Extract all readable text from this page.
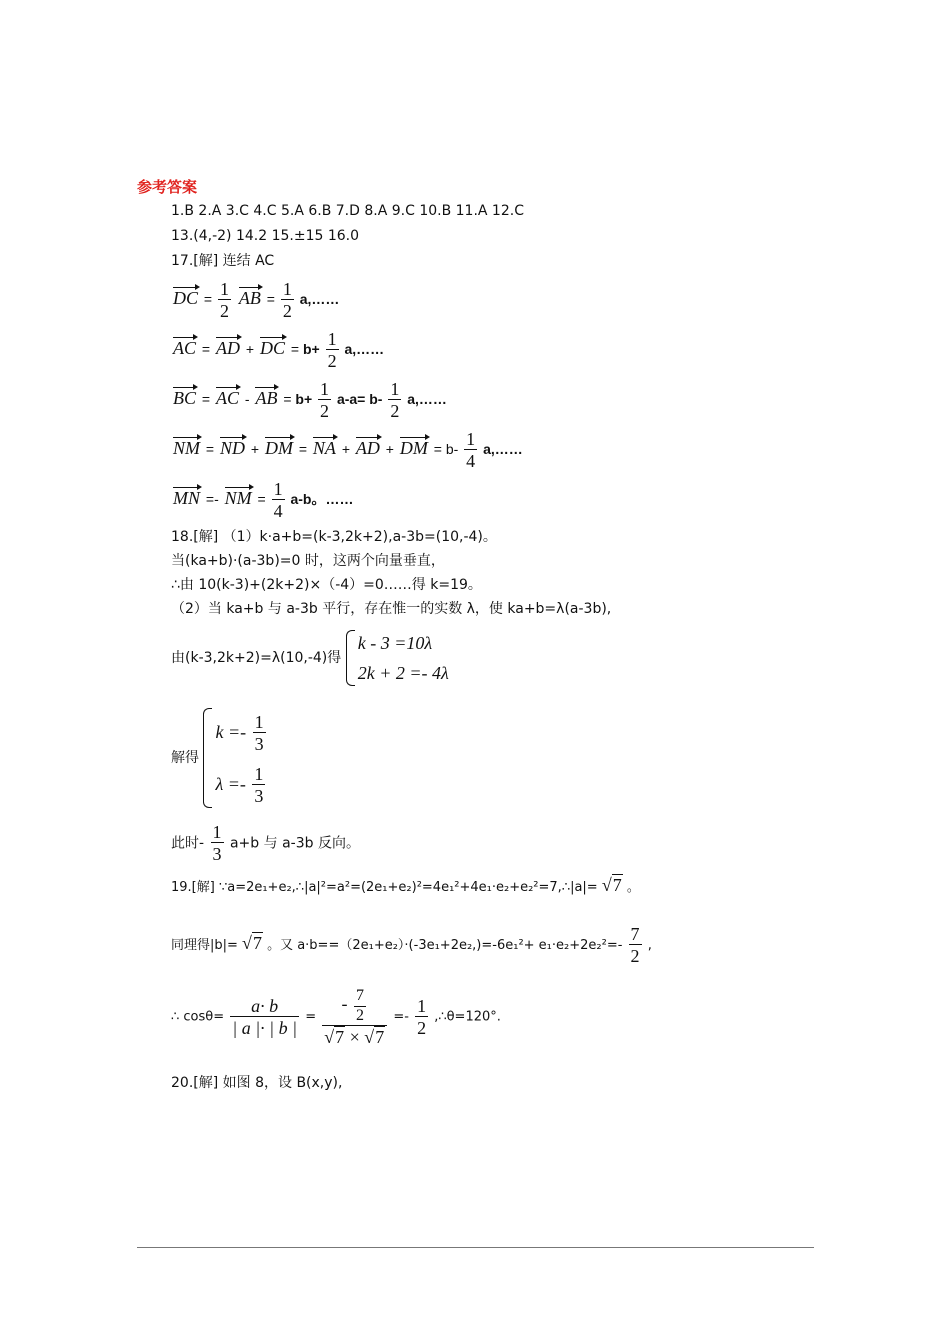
参考答案
1.B 2.A 3.C 4.C 5.A 6.B 7.D 8.A 9.C 10.B 11.A 12.C
13.(4,-2) 14.2 15.±15 16.0
17.[解] 连结 AC
DC = $\frac{1}{2}$ AB = $\frac{1}{2}$ a,……
AC = AD + DC = $b+ \frac{1}{2}$ a,……
BC = AC - AB = $b+ \frac{1}{2} a-a= b- \frac{1}{2}$ a,……
NM = ND + DM = NA + AD + DM = $b- \frac{1}{4}$ a,……
MN =- NM = $\frac{1}{4} a-b$。……
18.[解] （1）k·a+b=(k-3,2k+2),a-3b=(10,-4)。
当(ka+b)·(a-3b)=0 时，这两个向量垂直，
∴由 10(k-3)+(2k+2)×（-4）=0……得 k=19。
（2）当 ka+b 与 a-3b 平行，存在惟一的实数 λ，使 ka+b=λ(a-3b),
由(k-3,2k+2)=λ(10,-4)得
k - 3 =10λ
2k + 2 =- 4λ
解得
$k =- \frac{1}{3}$
$\lambda =- \frac{1}{3}$
此时- $\frac{1}{3} a+b$ 与 a-3b 反向。
19.[解] ∵a=2e₁+e₂,∴|a|²=a²=(2e₁+e₂)²=4e₁²+4e₁·e₂+e₂²=7,∴|a|= √7 。
同理得|b|= √7 。又 $a\cdot b==(2e_1+e_2)\cdot(-3e_1+2e_2,)=-6e_1^2+ e_1\cdot e_2+2e_2^2=- \frac{7}{2}$ ,
∴ $\cos\theta= \frac{a\cdot b}{| a |\cdot | b |} = \frac{- \frac{7}{2}}{√7 \times √7} =- \frac{1}{2}$ ,∴θ=120°.
20.[解] 如图 8，设 B(x,y),
